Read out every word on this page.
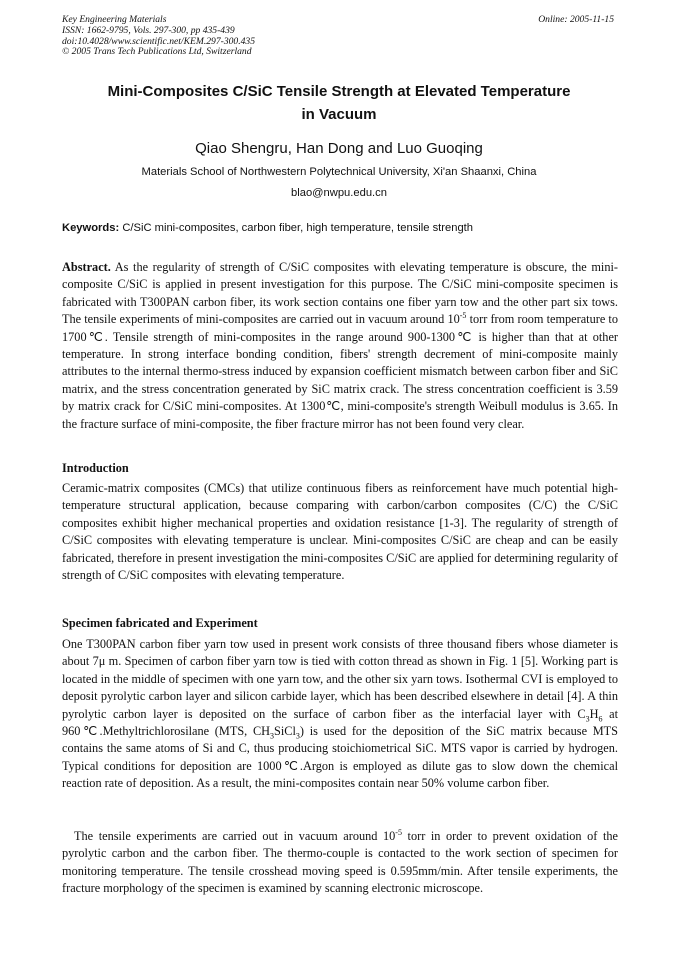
Key Engineering Materials
ISSN: 1662-9795, Vols. 297-300, pp 435-439
doi:10.4028/www.scientific.net/KEM.297-300.435
© 2005 Trans Tech Publications Ltd, Switzerland
Online: 2005-11-15
Mini-Composites C/SiC Tensile Strength at Elevated Temperature
in Vacuum
Qiao Shengru, Han Dong and Luo Guoqing
Materials School of Northwestern Polytechnical University, Xi'an Shaanxi, China
blao@nwpu.edu.cn
Keywords: C/SiC mini-composites, carbon fiber, high temperature, tensile strength
Abstract. As the regularity of strength of C/SiC composites with elevating temperature is obscure, the mini-composite C/SiC is applied in present investigation for this purpose. The C/SiC mini-composite specimen is fabricated with T300PAN carbon fiber, its work section contains one fiber yarn tow and the other part six tows. The tensile experiments of mini-composites are carried out in vacuum around $10^{-5}$ torr from room temperature to 1700℃. Tensile strength of mini-composites in the range around 900-1300℃ is higher than that at other temperature. In strong interface bonding condition, fibers' strength decrement of mini-composite mainly attributes to the internal thermo-stress induced by expansion coefficient mismatch between carbon fiber and SiC matrix, and the stress concentration generated by SiC matrix crack. The stress concentration coefficient is 3.59 by matrix crack for C/SiC mini-composites. At 1300℃, mini-composite's strength Weibull modulus is 3.65. In the fracture surface of mini-composite, the fiber fracture mirror has not been found very clear.
Introduction
Ceramic-matrix composites (CMCs) that utilize continuous fibers as reinforcement have much potential high-temperature structural application, because comparing with carbon/carbon composites (C/C) the C/SiC composites exhibit higher mechanical properties and oxidation resistance [1-3]. The regularity of strength of C/SiC composites with elevating temperature is unclear. Mini-composites C/SiC are cheap and can be easily fabricated, therefore in present investigation the mini-composites C/SiC are applied for determining regularity of strength of C/SiC composites with elevating temperature.
Specimen fabricated and Experiment
One T300PAN carbon fiber yarn tow used in present work consists of three thousand fibers whose diameter is about 7μ m. Specimen of carbon fiber yarn tow is tied with cotton thread as shown in Fig. 1 [5]. Working part is located in the middle of specimen with one yarn tow, and the other six yarn tows. Isothermal CVI is employed to deposit pyrolytic carbon layer and silicon carbide layer, which has been described elsewhere in detail [4]. A thin pyrolytic carbon layer is deposited on the surface of carbon fiber as the interfacial layer with $C_3H_6$ at 960℃.Methyltrichlorosilane (MTS, $CH_3SiCl_3$) is used for the deposition of the SiC matrix because MTS contains the same atoms of Si and C, thus producing stoichiometrical SiC. MTS vapor is carried by hydrogen. Typical conditions for deposition are 1000℃.Argon is employed as dilute gas to slow down the chemical reaction rate of deposition. As a result, the mini-composites contain near 50% volume carbon fiber.
The tensile experiments are carried out in vacuum around $10^{-5}$ torr in order to prevent oxidation of the pyrolytic carbon and the carbon fiber. The thermo-couple is contacted to the work section of specimen for monitoring temperature. The tensile crosshead moving speed is 0.595mm/min. After tensile experiments, the fracture morphology of the specimen is examined by scanning electronic microscope.
